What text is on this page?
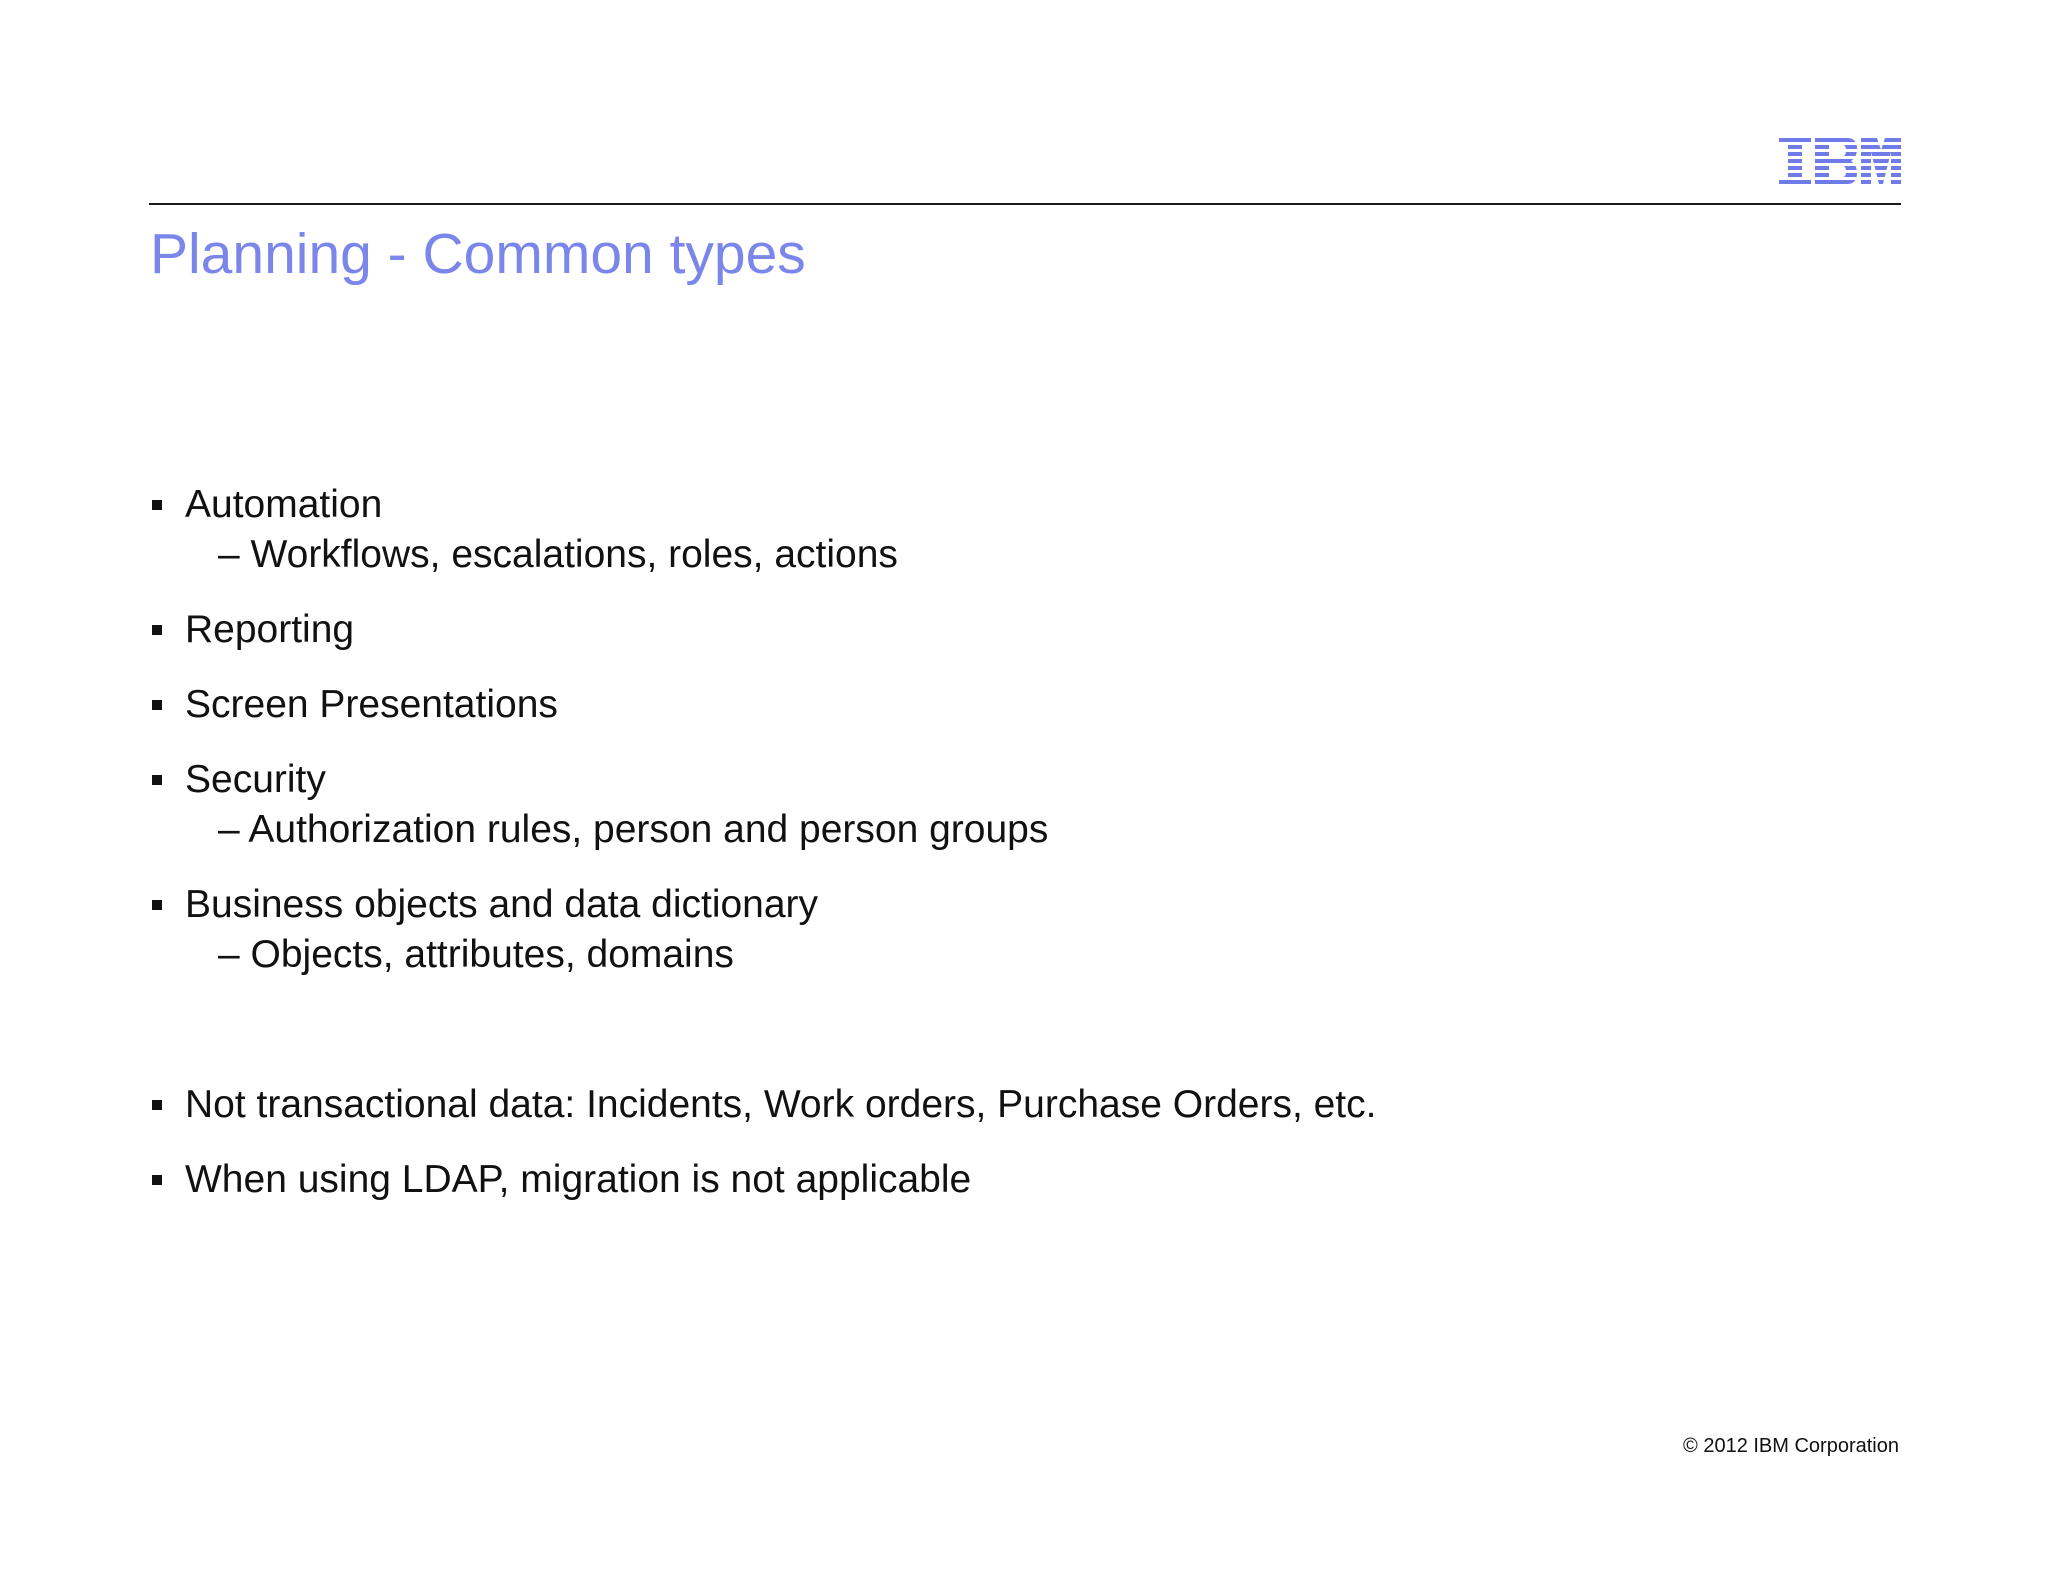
Planning - Common types
Automation
– Workflows, escalations, roles, actions
Reporting
Screen Presentations
Security
– Authorization rules, person and person groups
Business objects and data dictionary
– Objects, attributes, domains
Not transactional data: Incidents, Work orders, Purchase Orders, etc.
When using LDAP, migration is not applicable
© 2012 IBM Corporation
